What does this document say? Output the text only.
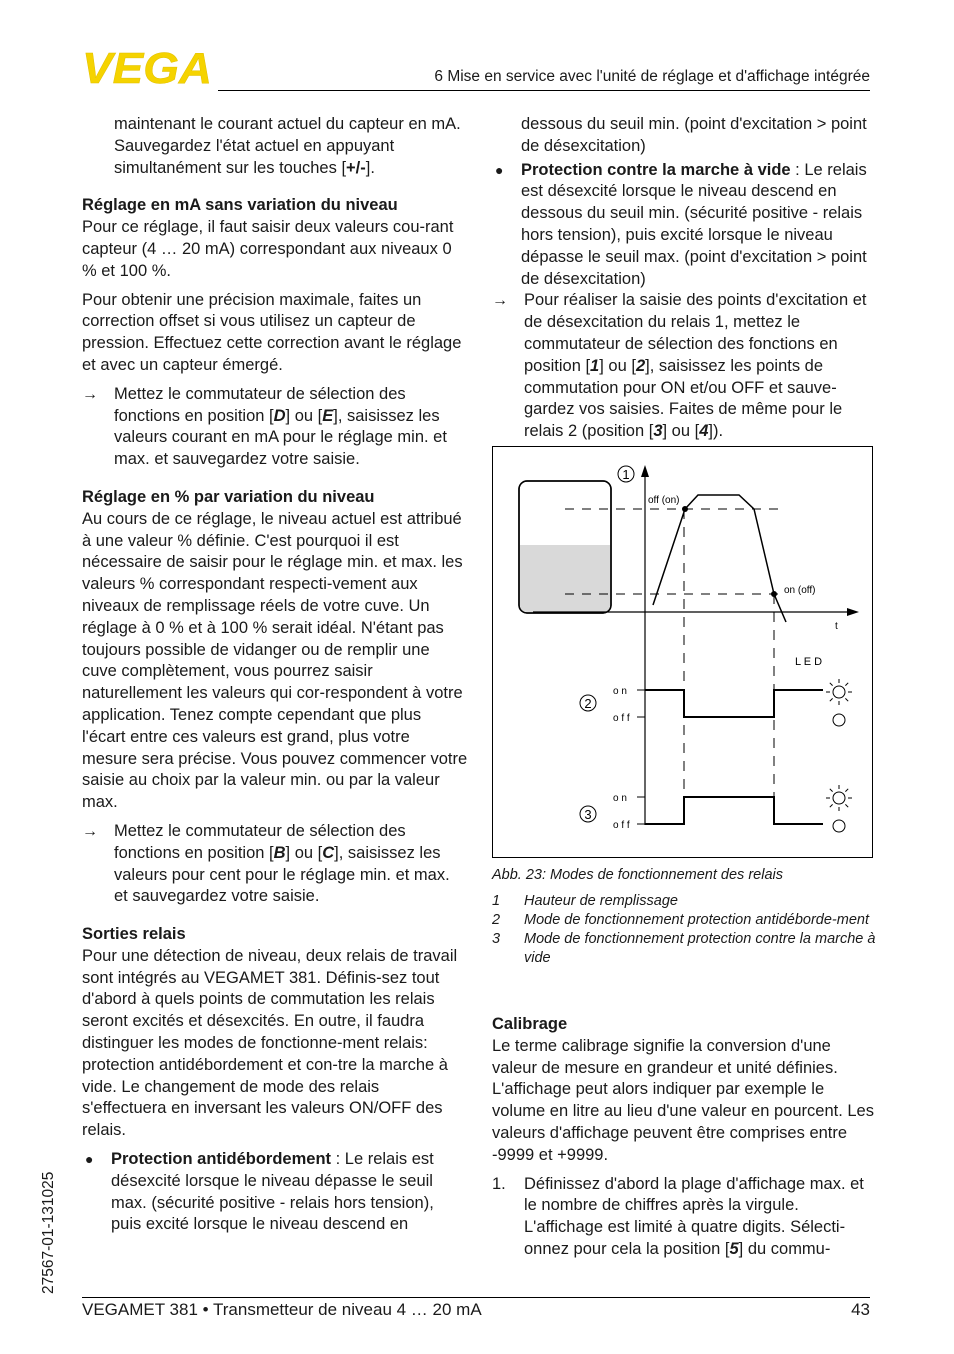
VEGA	6 Mise en service avec l'unité de réglage et d'affichage intégrée
maintenant le courant actuel du capteur en mA. Sauvegardez l'état actuel en appuyant simultanément sur les touches [+/-].
Réglage en mA sans variation du niveau
Pour ce réglage, il faut saisir deux valeurs cou-rant capteur (4 … 20 mA) correspondant aux niveaux 0 % et 100 %.
Pour obtenir une précision maximale, faites un correction offset si vous utilisez un capteur de pression. Effectuez cette correction avant le réglage et avec un capteur émergé.
→ Mettez le commutateur de sélection des fonctions en position [D] ou [E], saisissez les valeurs courant en mA pour le réglage min. et max. et sauvegardez votre saisie.
Réglage en % par variation du niveau
Au cours de ce réglage, le niveau actuel est attribué à une valeur % définie. C'est pourquoi il est nécessaire de saisir pour le réglage min. et max. les valeurs % correspondant respecti-vement aux niveaux de remplissage réels de votre cuve. Un réglage à 0 % et à 100 % serait idéal. N'étant pas toujours possible de vidanger ou de remplir une cuve complètement, vous pourrez saisir naturellement les valeurs qui cor-respondent à votre application. Tenez compte cependant que plus l'écart entre ces valeurs est grand, plus votre mesure sera précise. Vous pouvez commencer votre saisie au choix par la valeur min. ou par la valeur max.
→ Mettez le commutateur de sélection des fonctions en position [B] ou [C], saisissez les valeurs pour cent pour le réglage min. et max. et sauvegardez votre saisie.
Sorties relais
Pour une détection de niveau, deux relais de travail sont intégrés au VEGAMET 381. Définis-sez tout d'abord à quels points de commutation les relais seront excités et désexcités. En outre, il faudra distinguer les modes de fonctionne-ment relais: protection antidébordement et con-tre la marche à vide. Le changement de mode des relais s'effectuera en inversant les valeurs ON/OFF des relais.
●	Protection antidébordement : Le relais est désexcité lorsque le niveau dépasse le seuil max. (sécurité positive - relais hors tension), puis excité lorsque le niveau descend en
dessous du seuil min. (point d'excitation > point de désexcitation)
●	Protection contre la marche à vide : Le relais est désexcité lorsque le niveau descend en dessous du seuil min. (sécurité positive - relais hors tension), puis excité lorsque le niveau dépasse le seuil max. (point d'excitation > point de désexcitation)
→ Pour réaliser la saisie des points d'excitation et de désexcitation du relais 1, mettez le commutateur de sélection des fonctions en position [1] ou [2], saisissez les points de commutation pour ON et/ou OFF et sauve-gardez vos saisies. Faites de même pour le relais 2 (position [3] ou [4]).
1
t
off (on)
on (off)
L E D
2
o n
o f f
3
o n
o f f
Abb. 23: Modes de fonctionnement des relais
1	Hauteur de remplissage
2	Mode de fonctionnement protection antidéborde-ment
3	Mode de fonctionnement protection contre la marche à vide
Calibrage
Le terme calibrage signifie la conversion d'une valeur de mesure en grandeur et unité définies. L'affichage peut alors indiquer par exemple le volume en litre au lieu d'une valeur en pourcent. Les valeurs d'affichage peuvent être comprises entre -9999 et +9999.
1.	Définissez d'abord la plage d'affichage max. et le nombre de chiffres après la virgule. L'affichage est limité à quatre digits. Sélecti-onnez pour cela la position [5] du commu-
27567-01-131025
VEGAMET 381 • Transmetteur de niveau 4 … 20 mA	43
